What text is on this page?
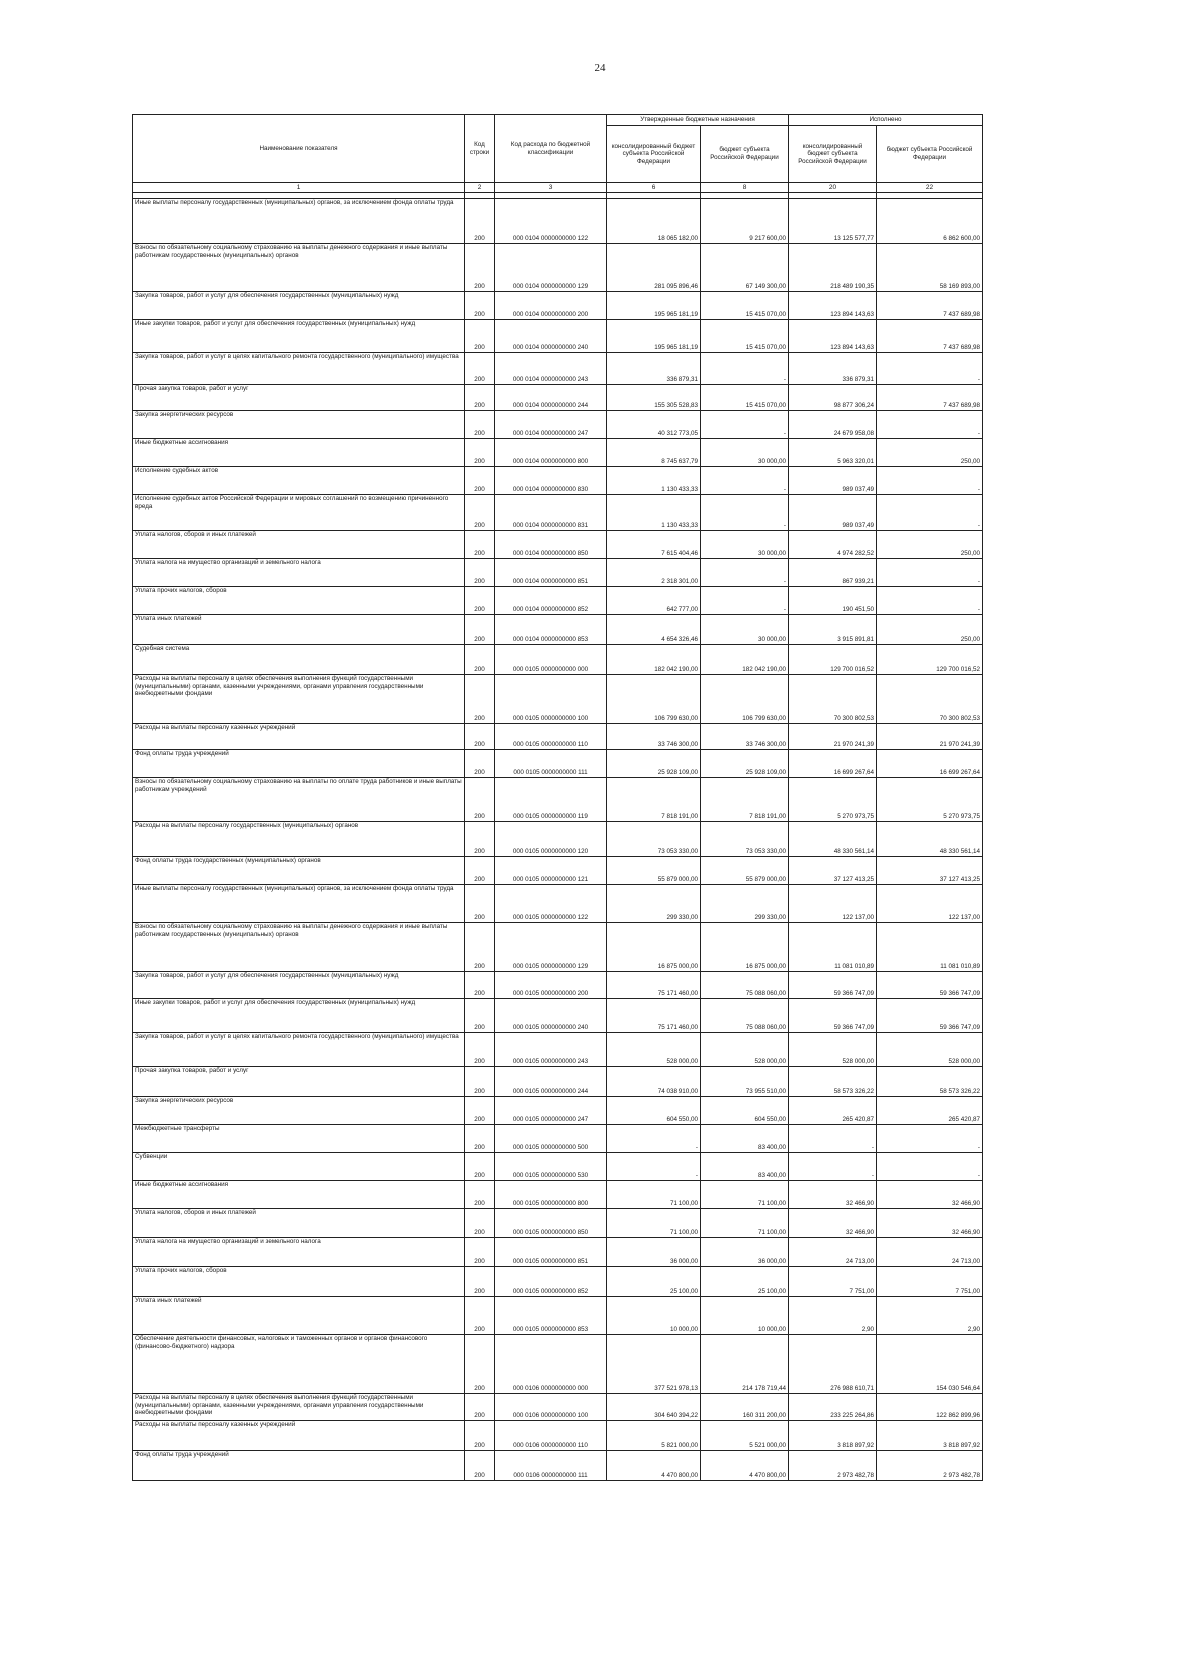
24
Наименование показателя	Код строки	Код расхода по бюджетной классификации	Утвержденные бюджетные назначения		Исполнено	
			консолидированный бюджет субъекта Российской Федерации	бюджет субъекта Российской Федерации	консолидированный бюджет субъекта Российской Федерации	бюджет субъекта Российской Федерации
1	2	3	6	8	20	22

Иные выплаты персоналу государственных (муниципальных) органов, за исключением фонда оплаты труда	200	000 0104 0000000000 122	18 065 182,00	9 217 600,00	13 125 577,77	6 862 600,00
Взносы по обязательному социальному страхованию на выплаты денежного содержания и иные выплаты работникам государственных (муниципальных) органов	200	000 0104 0000000000 129	281 095 896,46	67 149 300,00	218 489 190,35	58 169 893,00
Закупка товаров, работ и услуг для обеспечения государственных (муниципальных) нужд	200	000 0104 0000000000 200	195 965 181,19	15 415 070,00	123 894 143,63	7 437 689,98
Иные закупки товаров, работ и услуг для обеспечения государственных (муниципальных) нужд	200	000 0104 0000000000 240	195 965 181,19	15 415 070,00	123 894 143,63	7 437 689,98
Закупка товаров, работ и услуг в целях капитального ремонта государственного (муниципального) имущества	200	000 0104 0000000000 243	336 879,31	-	336 879,31	-
Прочая закупка товаров, работ и услуг	200	000 0104 0000000000 244	155 305 528,83	15 415 070,00	98 877 306,24	7 437 689,98
Закупка энергетических ресурсов	200	000 0104 0000000000 247	40 312 773,05	-	24 679 958,08	-
Иные бюджетные ассигнования	200	000 0104 0000000000 800	8 745 637,79	30 000,00	5 963 320,01	250,00
Исполнение судебных актов	200	000 0104 0000000000 830	1 130 433,33	-	989 037,49	-
Исполнение судебных актов Российской Федерации и мировых соглашений по возмещению причиненного вреда	200	000 0104 0000000000 831	1 130 433,33	-	989 037,49	-
Уплата налогов, сборов и иных платежей	200	000 0104 0000000000 850	7 615 404,46	30 000,00	4 974 282,52	250,00
Уплата налога на имущество организаций и земельного налога	200	000 0104 0000000000 851	2 318 301,00	-	867 939,21	-
Уплата прочих налогов, сборов	200	000 0104 0000000000 852	642 777,00	-	190 451,50	-
Уплата иных платежей	200	000 0104 0000000000 853	4 654 326,46	30 000,00	3 915 891,81	250,00
Судебная система	200	000 0105 0000000000 000	182 042 190,00	182 042 190,00	129 700 016,52	129 700 016,52
Расходы на выплаты персоналу в целях обеспечения выполнения функций государственными (муниципальными) органами, казенными учреждениями, органами управления государственными внебюджетными фондами	200	000 0105 0000000000 100	106 799 630,00	106 799 630,00	70 300 802,53	70 300 802,53
Расходы на выплаты персоналу казенных учреждений	200	000 0105 0000000000 110	33 746 300,00	33 746 300,00	21 970 241,39	21 970 241,39
Фонд оплаты труда учреждений	200	000 0105 0000000000 111	25 928 109,00	25 928 109,00	16 699 267,64	16 699 267,64
Взносы по обязательному социальному страхованию на выплаты по оплате труда работников и иные выплаты работникам учреждений	200	000 0105 0000000000 119	7 818 191,00	7 818 191,00	5 270 973,75	5 270 973,75
Расходы на выплаты персоналу государственных (муниципальных) органов	200	000 0105 0000000000 120	73 053 330,00	73 053 330,00	48 330 561,14	48 330 561,14
Фонд оплаты труда государственных (муниципальных) органов	200	000 0105 0000000000 121	55 879 000,00	55 879 000,00	37 127 413,25	37 127 413,25
Иные выплаты персоналу государственных (муниципальных) органов, за исключением фонда оплаты труда	200	000 0105 0000000000 122	299 330,00	299 330,00	122 137,00	122 137,00
Взносы по обязательному социальному страхованию на выплаты денежного содержания и иные выплаты работникам государственных (муниципальных) органов	200	000 0105 0000000000 129	16 875 000,00	16 875 000,00	11 081 010,89	11 081 010,89
Закупка товаров, работ и услуг для обеспечения государственных (муниципальных) нужд	200	000 0105 0000000000 200	75 171 460,00	75 088 060,00	59 366 747,09	59 366 747,09
Иные закупки товаров, работ и услуг для обеспечения государственных (муниципальных) нужд	200	000 0105 0000000000 240	75 171 460,00	75 088 060,00	59 366 747,09	59 366 747,09
Закупка товаров, работ и услуг в целях капитального ремонта государственного (муниципального) имущества	200	000 0105 0000000000 243	528 000,00	528 000,00	528 000,00	528 000,00
Прочая закупка товаров, работ и услуг	200	000 0105 0000000000 244	74 038 910,00	73 955 510,00	58 573 326,22	58 573 326,22
Закупка энергетических ресурсов	200	000 0105 0000000000 247	604 550,00	604 550,00	265 420,87	265 420,87
Межбюджетные трансферты	200	000 0105 0000000000 500	-	83 400,00	-	-
Субвенции	200	000 0105 0000000000 530	-	83 400,00	-	-
Иные бюджетные ассигнования	200	000 0105 0000000000 800	71 100,00	71 100,00	32 466,90	32 466,90
Уплата налогов, сборов и иных платежей	200	000 0105 0000000000 850	71 100,00	71 100,00	32 466,90	32 466,90
Уплата налога на имущество организаций и земельного налога	200	000 0105 0000000000 851	36 000,00	36 000,00	24 713,00	24 713,00
Уплата прочих налогов, сборов	200	000 0105 0000000000 852	25 100,00	25 100,00	7 751,00	7 751,00
Уплата иных платежей	200	000 0105 0000000000 853	10 000,00	10 000,00	2,90	2,90
Обеспечение деятельности финансовых, налоговых и таможенных органов и органов финансового (финансово-бюджетного) надзора	200	000 0106 0000000000 000	377 521 978,13	214 178 719,44	276 988 610,71	154 030 546,64
Расходы на выплаты персоналу в целях обеспечения выполнения функций государственными (муниципальными) органами, казенными учреждениями, органами управления государственными внебюджетными фондами	200	000 0106 0000000000 100	304 640 394,22	160 311 200,00	233 225 264,86	122 862 899,96
Расходы на выплаты персоналу казенных учреждений	200	000 0106 0000000000 110	5 821 000,00	5 521 000,00	3 818 897,92	3 818 897,92
Фонд оплаты труда учреждений	200	000 0106 0000000000 111	4 470 800,00	4 470 800,00	2 973 482,78	2 973 482,78
